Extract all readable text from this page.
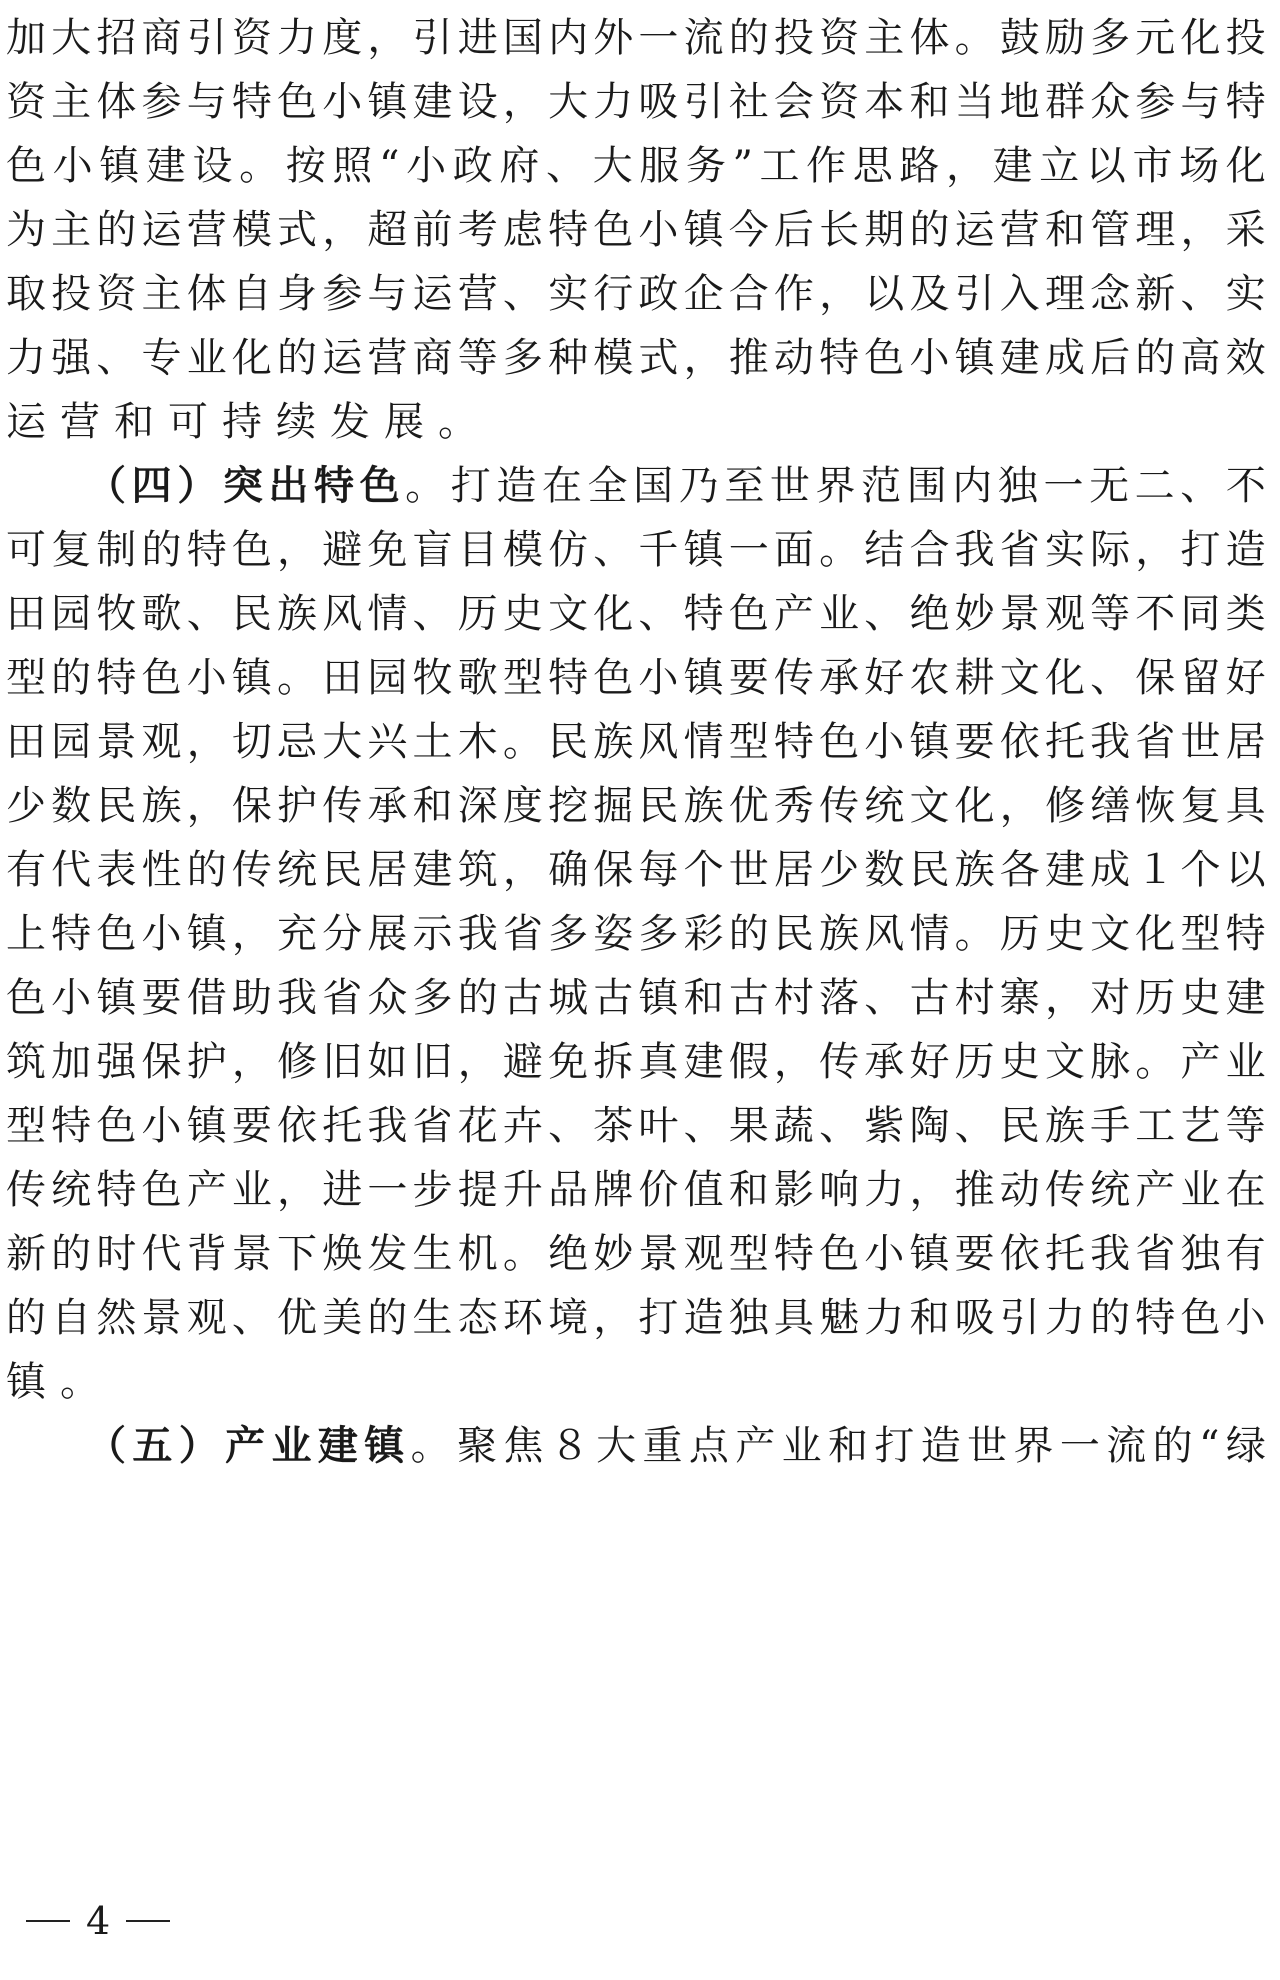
加 大 招 商 引 资 力 度 ， 引 进 国 内 外 一 流 的 投 资 主 体 。 鼓 励 多 元 化 投
资 主 体 参 与 特 色 小 镇 建 设 ， 大 力 吸 引 社 会 资 本 和 当 地 群 众 参 与 特
色 小 镇 建 设 。 按 照 “ 小 政 府 、 大 服 务 ” 工 作 思 路 ， 建 立 以 市 场 化
为 主 的 运 营 模 式 ， 超 前 考 虑 特 色 小 镇 今 后 长 期 的 运 营 和 管 理 ， 采
取 投 资 主 体 自 身 参 与 运 营 、 实 行 政 企 合 作 ， 以 及 引 入 理 念 新 、 实
力 强 、 专 业 化 的 运 营 商 等 多 种 模 式 ， 推 动 特 色 小 镇 建 成 后 的 高 效
运营和可持续发展。
（ 四 ） 突 出 特 色 。 打 造 在 全 国 乃 至 世 界 范 围 内 独 一 无 二 、 不
可 复 制 的 特 色 ， 避 免 盲 目 模 仿 、 千 镇 一 面 。 结 合 我 省 实 际 ， 打 造
田 园 牧 歌 、 民 族 风 情 、 历 史 文 化 、 特 色 产 业 、 绝 妙 景 观 等 不 同 类
型 的 特 色 小 镇 。 田 园 牧 歌 型 特 色 小 镇 要 传 承 好 农 耕 文 化 、 保 留 好
田 园 景 观 ， 切 忌 大 兴 土 木 。 民 族 风 情 型 特 色 小 镇 要 依 托 我 省 世 居
少 数 民 族 ， 保 护 传 承 和 深 度 挖 掘 民 族 优 秀 传 统 文 化 ， 修 缮 恢 复 具
有 代 表 性 的 传 统 民 居 建 筑 ， 确 保 每 个 世 居 少 数 民 族 各 建 成 １ 个 以
上 特 色 小 镇 ， 充 分 展 示 我 省 多 姿 多 彩 的 民 族 风 情 。 历 史 文 化 型 特
色 小 镇 要 借 助 我 省 众 多 的 古 城 古 镇 和 古 村 落 、 古 村 寨 ， 对 历 史 建
筑 加 强 保 护 ， 修 旧 如 旧 ， 避 免 拆 真 建 假 ， 传 承 好 历 史 文 脉 。 产 业
型 特 色 小 镇 要 依 托 我 省 花 卉 、 茶 叶 、 果 蔬 、 紫 陶 、 民 族 手 工 艺 等
传 统 特 色 产 业 ， 进 一 步 提 升 品 牌 价 值 和 影 响 力 ， 推 动 传 统 产 业 在
新 的 时 代 背 景 下 焕 发 生 机 。 绝 妙 景 观 型 特 色 小 镇 要 依 托 我 省 独 有
的 自 然 景 观 、 优 美 的 生 态 环 境 ， 打 造 独 具 魅 力 和 吸 引 力 的 特 色 小
镇。
（ 五 ） 产 业 建 镇 。 聚 焦 ８ 大 重 点 产 业 和 打 造 世 界 一 流 的 “ 绿
4
